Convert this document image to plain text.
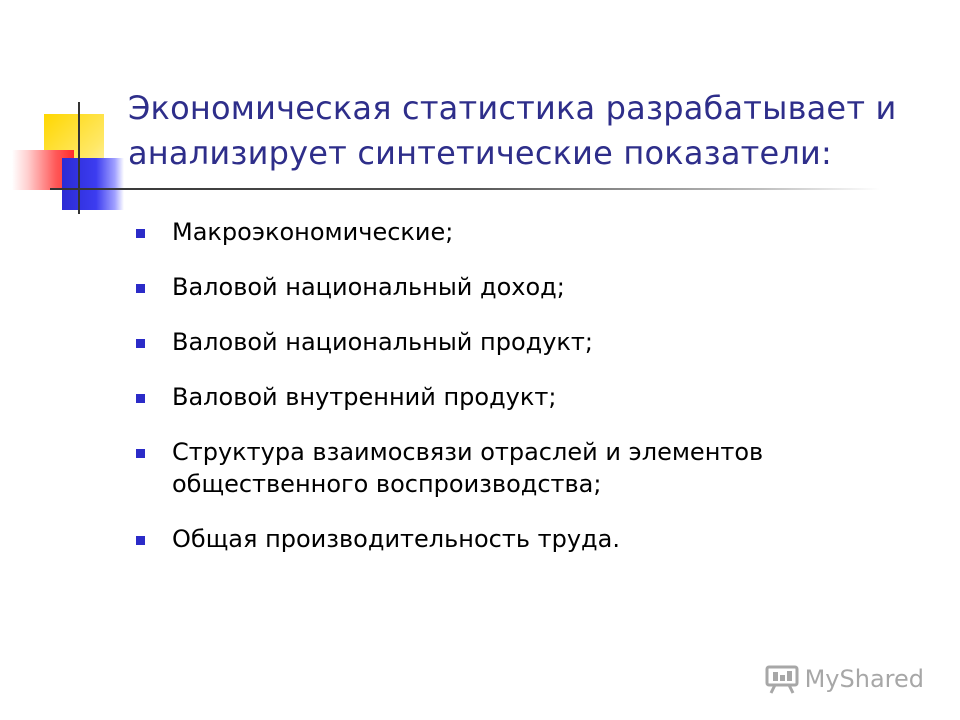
Экономическая статистика разрабатывает и анализирует синтетические показатели:
Макроэкономические;
Валовой национальный доход;
Валовой национальный продукт;
Валовой внутренний продукт;
Структура взаимосвязи отраслей и элементов общественного воспроизводства;
Общая производительность труда.
MyShared
